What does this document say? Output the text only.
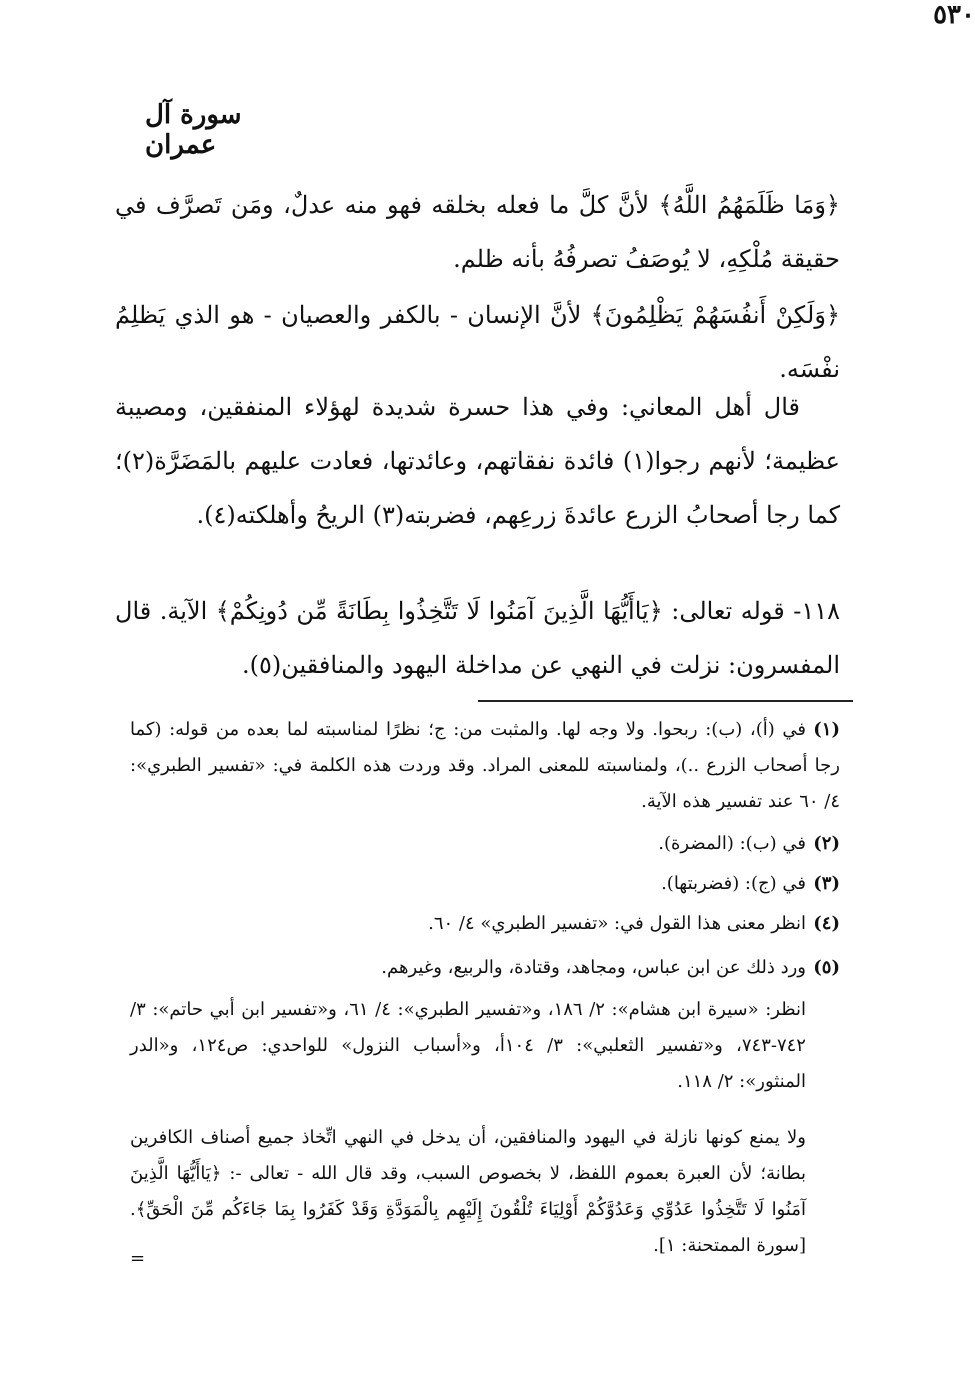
سورة آل عمران
٥٣٠
﴿وَمَا ظَلَمَهُمُ اللَّهُ﴾ لأنَّ كلَّ ما فعله بخلقه فهو منه عدلٌ، ومَن تَصرَّف في حقيقة مُلْكِهِ، لا يُوصَفُ تصرفُهُ بأنه ظلم.
﴿وَلَكِنْ أَنفُسَهُمْ يَظْلِمُونَ﴾ لأنَّ الإنسان - بالكفر والعصيان - هو الذي يَظلِمُ نفْسَه.
قال أهل المعاني: وفي هذا حسرة شديدة لهؤلاء المنفقين، ومصيبة عظيمة؛ لأنهم رجوا(١) فائدة نفقاتهم، وعائدتها، فعادت عليهم بالمَضَرَّة(٢)؛ كما رجا أصحابُ الزرع عائدةَ زرعِهم، فضربته(٣) الريحُ وأهلكته(٤).
١١٨- قوله تعالى: ﴿يَاأَيُّهَا الَّذِينَ آمَنُوا لَا تَتَّخِذُوا بِطَانَةً مِّن دُونِكُمْ﴾ الآية. قال المفسرون: نزلت في النهي عن مداخلة اليهود والمنافقين(٥).
(١)في (أ)، (ب): ربحوا. ولا وجه لها. والمثبت من: ج؛ نظرًا لمناسبته لما بعده من قوله: (كما رجا أصحاب الزرع ..)، ولمناسبته للمعنى المراد. وقد وردت هذه الكلمة في: «تفسير الطبري»: ٤/ ٦٠ عند تفسير هذه الآية.
(٢)في (ب): (المضرة).
(٣)في (ج): (فضربتها).
(٤)انظر معنى هذا القول في: «تفسير الطبري» ٤/ ٦٠.
(٥)ورد ذلك عن ابن عباس، ومجاهد، وقتادة، والربيع، وغيرهم.
انظر: «سيرة ابن هشام»: ٢/ ١٨٦، و«تفسير الطبري»: ٤/ ٦١، و«تفسير ابن أبي حاتم»: ٣/ ٧٤٢-٧٤٣، و«تفسير الثعلبي»: ٣/ ١٠٤أ، و«أسباب النزول» للواحدي: ص١٢٤، و«الدر المنثور»: ٢/ ١١٨.
ولا يمنع كونها نازلة في اليهود والمنافقين، أن يدخل في النهي اتِّخاذ جميع أصناف الكافرين بطانة؛ لأن العبرة بعموم اللفظ، لا بخصوص السبب، وقد قال الله - تعالى -: ﴿يَاأَيُّهَا الَّذِينَ آمَنُوا لَا تَتَّخِذُوا عَدُوِّي وَعَدُوَّكُمْ أَوْلِيَاءَ تُلْقُونَ إِلَيْهِم بِالْمَوَدَّةِ وَقَدْ كَفَرُوا بِمَا جَاءَكُم مِّنَ الْحَقِّ﴾. [سورة الممتحنة: ١].
=
